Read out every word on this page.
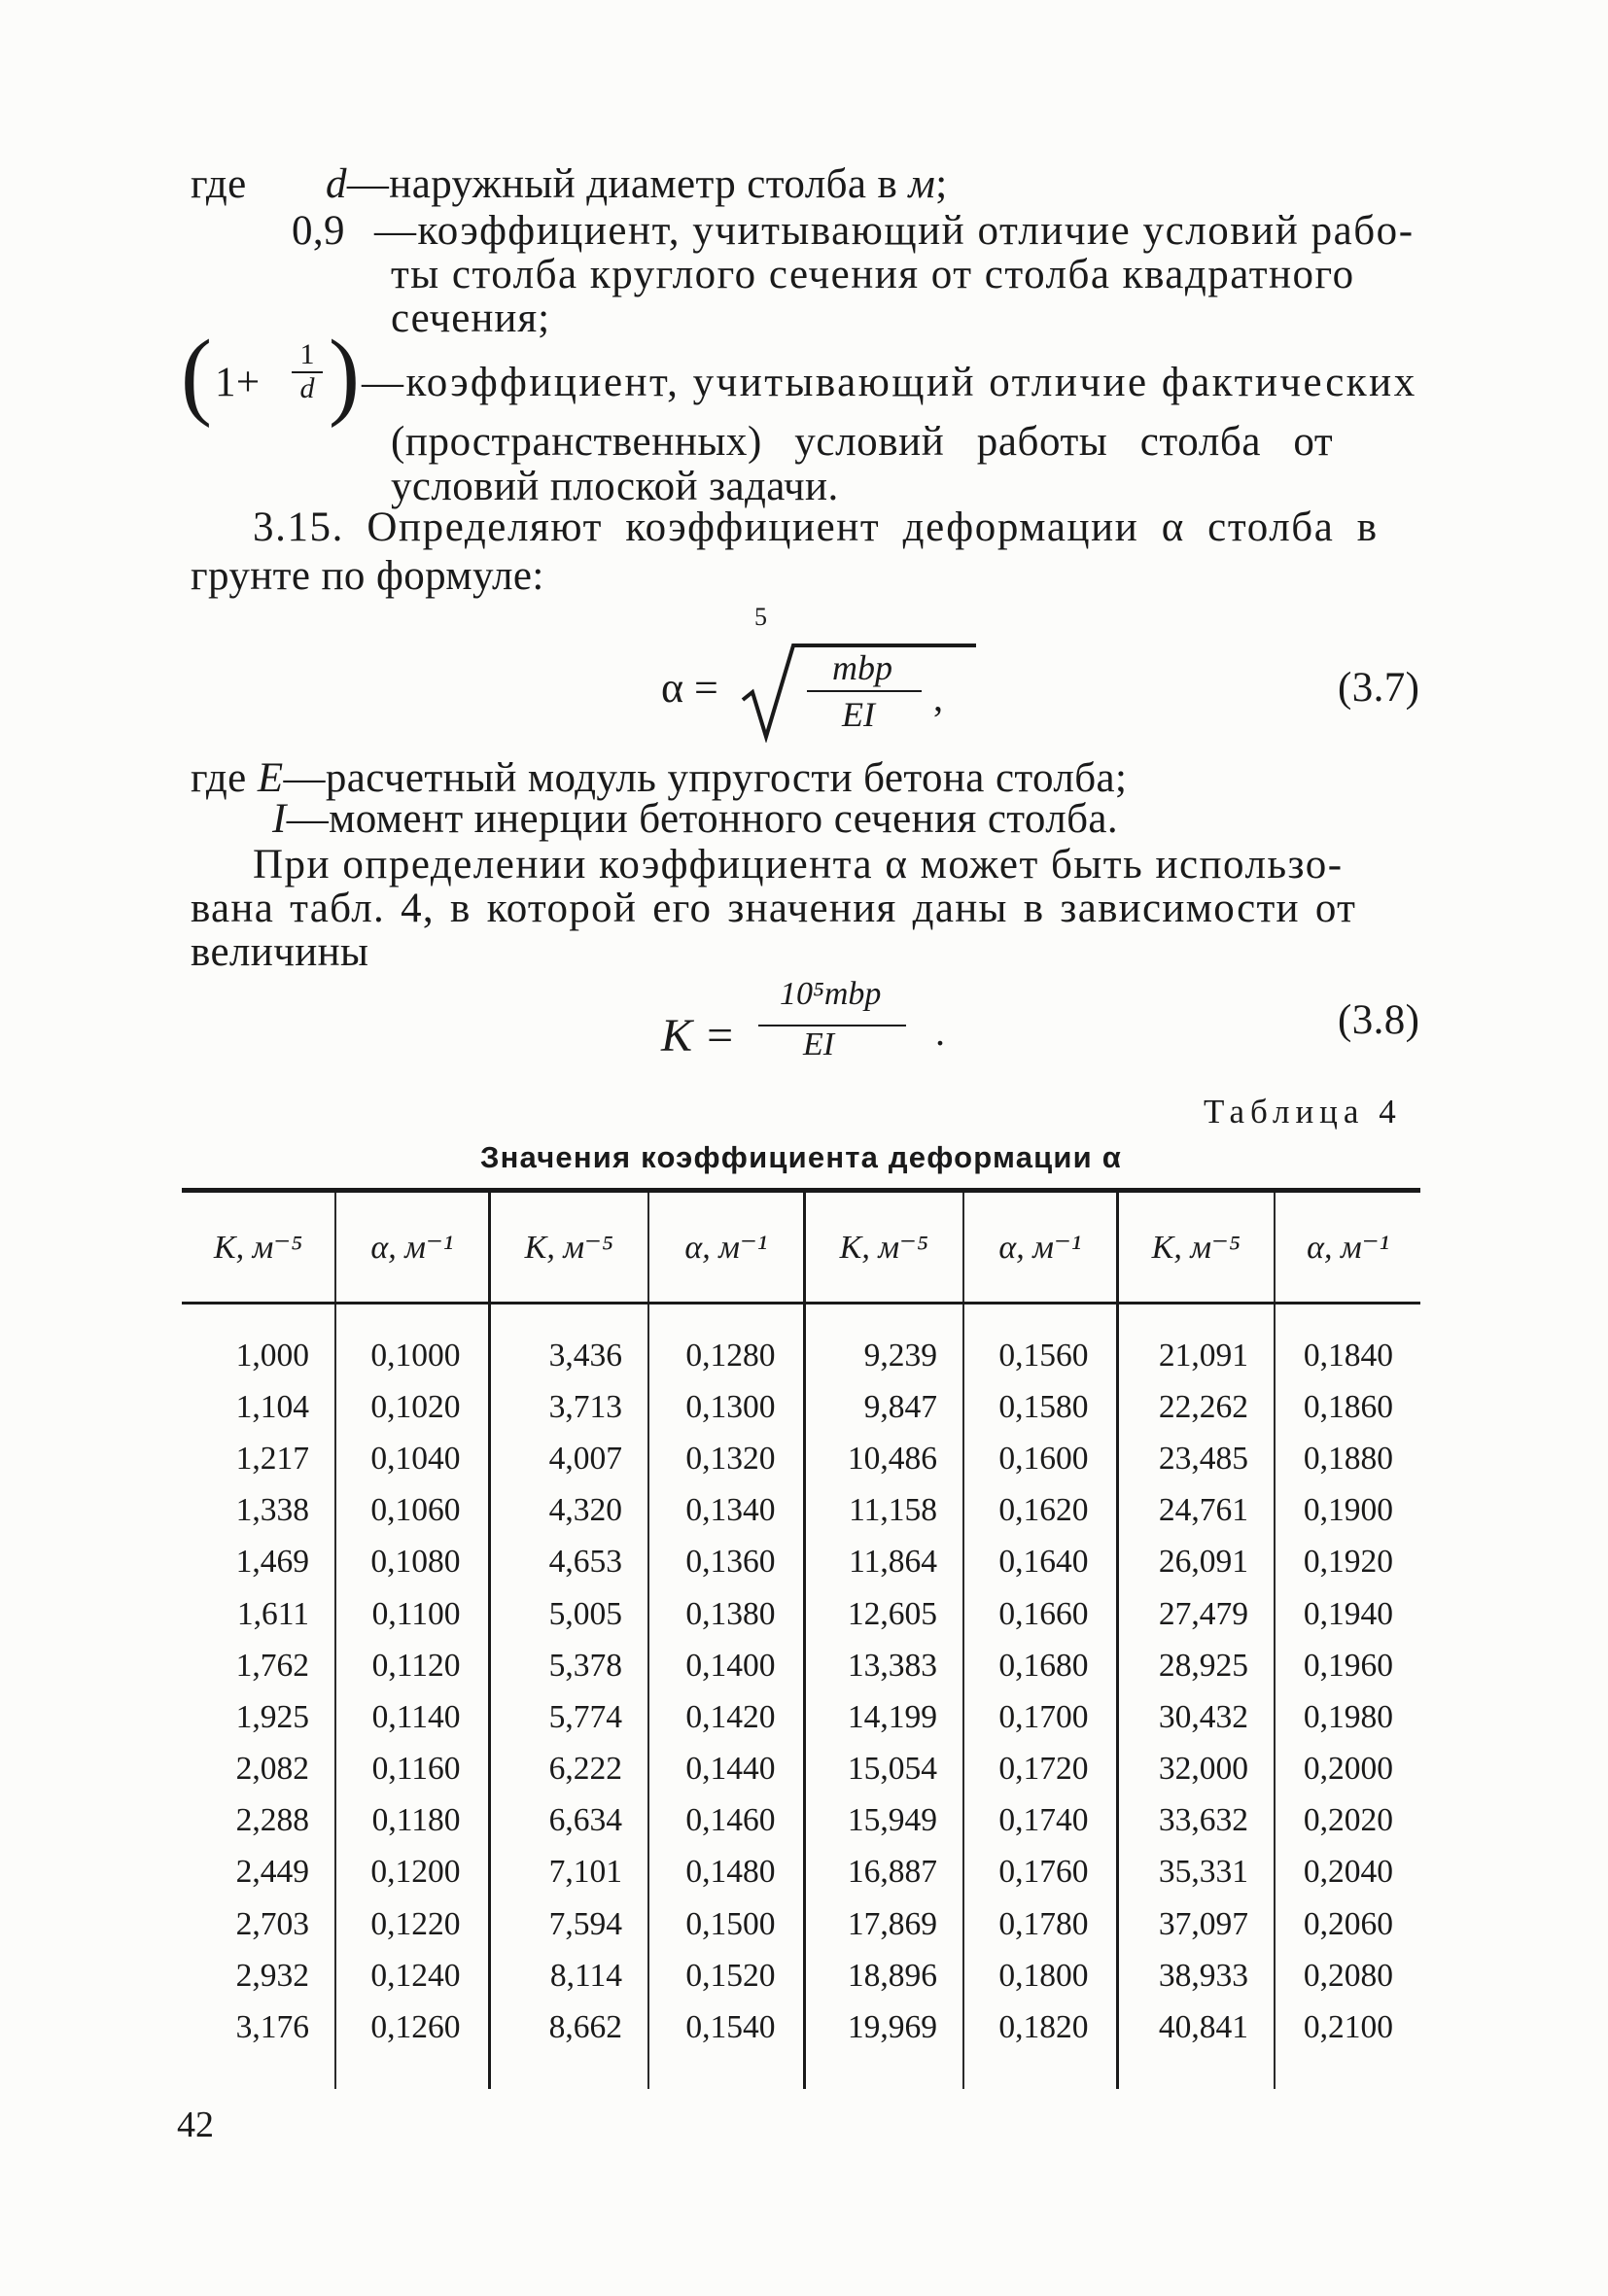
где d—наружный диаметр столба в м;
0,9 —коэффициент, учитывающий отличие условий рабо-
ты столба круглого сечения от столба квадратного
сечения;
( 1+
1
d ) —коэффициент, учитывающий отличие фактических
(пространственных) условий работы столба от
условий плоской задачи.
3.15. Определяют коэффициент деформации α столба в
грунте по формуле:
5
α =	mbp
EI ,	(3.7)
где E—расчетный модуль упругости бетона столба;
I—момент инерции бетонного сечения столба.
При определении коэффициента α может быть использо-
вана табл. 4, в которой его значения даны в зависимости от
величины
K =
10⁵mbp
EI	.	(3.8)
Таблица 4
Значения коэффициента деформации α
K, м⁻⁵	α, м⁻¹	K, м⁻⁵	α, м⁻¹	K, м⁻⁵	α, м⁻¹	K, м⁻⁵	α, м⁻¹

1,000	0,1000	3,436	0,1280	9,239	0,1560	21,091	0,1840
1,104	0,1020	3,713	0,1300	9,847	0,1580	22,262	0,1860
1,217	0,1040	4,007	0,1320	10,486	0,1600	23,485	0,1880
1,338	0,1060	4,320	0,1340	11,158	0,1620	24,761	0,1900
1,469	0,1080	4,653	0,1360	11,864	0,1640	26,091	0,1920
1,611	0,1100	5,005	0,1380	12,605	0,1660	27,479	0,1940
1,762	0,1120	5,378	0,1400	13,383	0,1680	28,925	0,1960
1,925	0,1140	5,774	0,1420	14,199	0,1700	30,432	0,1980
2,082	0,1160	6,222	0,1440	15,054	0,1720	32,000	0,2000
2,288	0,1180	6,634	0,1460	15,949	0,1740	33,632	0,2020
2,449	0,1200	7,101	0,1480	16,887	0,1760	35,331	0,2040
2,703	0,1220	7,594	0,1500	17,869	0,1780	37,097	0,2060
2,932	0,1240	8,114	0,1520	18,896	0,1800	38,933	0,2080
3,176	0,1260	8,662	0,1540	19,969	0,1820	40,841	0,2100

42
